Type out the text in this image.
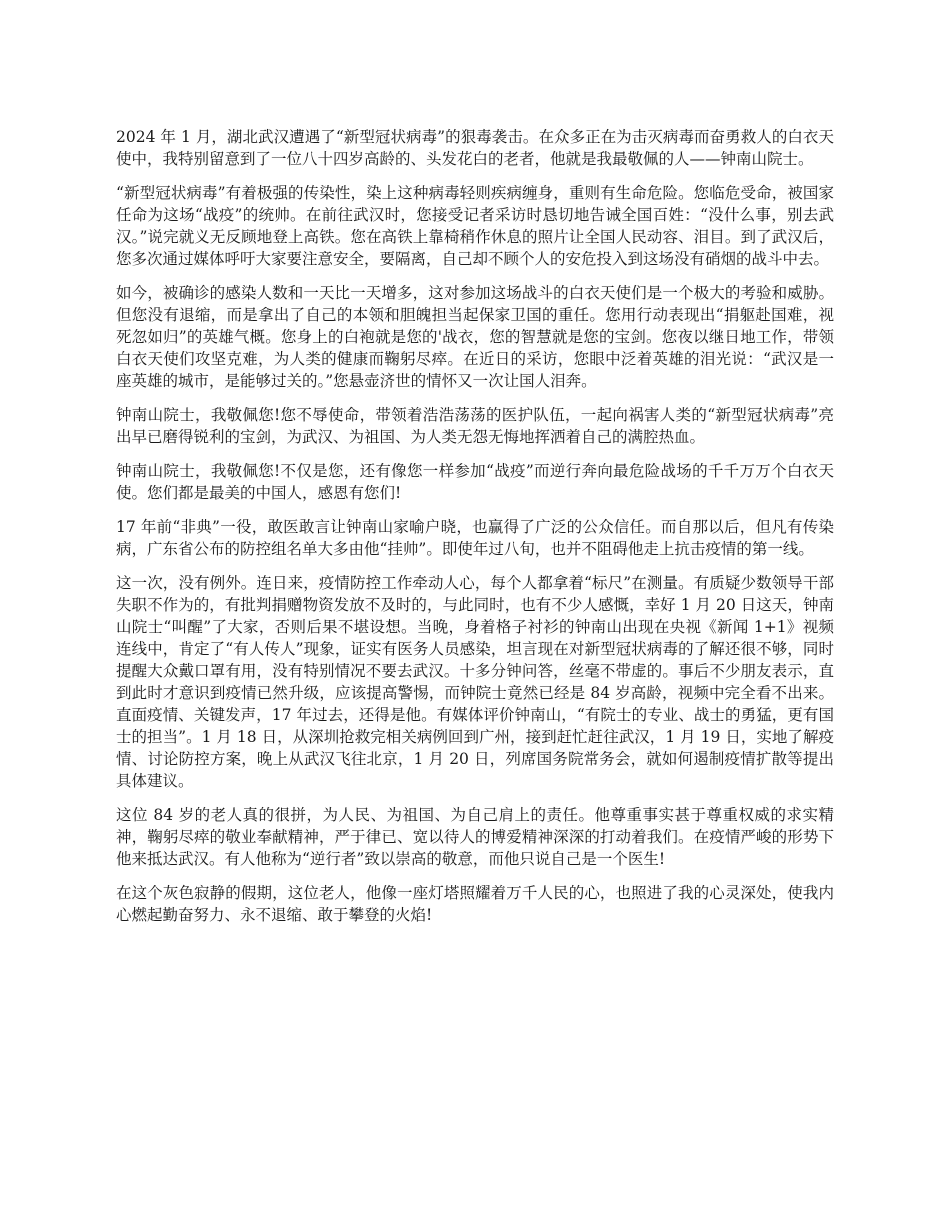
2024 年 1 月，湖北武汉遭遇了“新型冠状病毒”的狠毒袭击。在众多正在为击灭病毒而奋勇救人的白衣天使中，我特别留意到了一位八十四岁高龄的、头发花白的老者，他就是我最敬佩的人——钟南山院士。

“新型冠状病毒”有着极强的传染性，染上这种病毒轻则疾病缠身，重则有生命危险。您临危受命，被国家任命为这场“战疫”的统帅。在前往武汉时，您接受记者采访时恳切地告诫全国百姓：“没什么事，别去武汉。”说完就义无反顾地登上高铁。您在高铁上靠椅稍作休息的照片让全国人民动容、泪目。到了武汉后，您多次通过媒体呼吁大家要注意安全，要隔离，自己却不顾个人的安危投入到这场没有硝烟的战斗中去。

如今，被确诊的感染人数和一天比一天增多，这对参加这场战斗的白衣天使们是一个极大的考验和威胁。但您没有退缩，而是拿出了自己的本领和胆魄担当起保家卫国的重任。您用行动表现出“捐躯赴国难，视死忽如归”的英雄气概。您身上的白袍就是您的'战衣，您的智慧就是您的宝剑。您夜以继日地工作，带领白衣天使们攻坚克难，为人类的健康而鞠躬尽瘁。在近日的采访，您眼中泛着英雄的泪光说：“武汉是一座英雄的城市，是能够过关的。”您悬壶济世的情怀又一次让国人泪奔。

钟南山院士，我敬佩您!您不辱使命，带领着浩浩荡荡的医护队伍，一起向祸害人类的“新型冠状病毒”亮出早已磨得锐利的宝剑，为武汉、为祖国、为人类无怨无悔地挥洒着自己的满腔热血。

钟南山院士，我敬佩您!不仅是您，还有像您一样参加“战疫”而逆行奔向最危险战场的千千万万个白衣天使。您们都是最美的中国人，感恩有您们!

17 年前“非典”一役，敢医敢言让钟南山家喻户晓，也赢得了广泛的公众信任。而自那以后，但凡有传染病，广东省公布的防控组名单大多由他“挂帅”。即使年过八旬，也并不阻碍他走上抗击疫情的第一线。

这一次，没有例外。连日来，疫情防控工作牵动人心，每个人都拿着“标尺”在测量。有质疑少数领导干部失职不作为的，有批判捐赠物资发放不及时的，与此同时，也有不少人感慨，幸好 1 月 20 日这天，钟南山院士“叫醒”了大家，否则后果不堪设想。当晚，身着格子衬衫的钟南山出现在央视《新闻 1+1》视频连线中，肯定了“有人传人”现象，证实有医务人员感染，坦言现在对新型冠状病毒的了解还很不够，同时提醒大众戴口罩有用，没有特别情况不要去武汉。十多分钟问答，丝毫不带虚的。事后不少朋友表示，直到此时才意识到疫情已然升级，应该提高警惕，而钟院士竟然已经是 84 岁高龄，视频中完全看不出来。直面疫情、关键发声，17 年过去，还得是他。有媒体评价钟南山，“有院士的专业、战士的勇猛，更有国士的担当”。1 月 18 日，从深圳抢救完相关病例回到广州，接到赶忙赶往武汉，1 月 19 日，实地了解疫情、讨论防控方案，晚上从武汉飞往北京，1 月 20 日，列席国务院常务会，就如何遏制疫情扩散等提出具体建议。

这位 84 岁的老人真的很拼，为人民、为祖国、为自己肩上的责任。他尊重事实甚于尊重权威的求实精神，鞠躬尽瘁的敬业奉献精神，严于律已、宽以待人的博爱精神深深的打动着我们。在疫情严峻的形势下他来抵达武汉。有人他称为“逆行者”致以崇高的敬意，而他只说自己是一个医生!

在这个灰色寂静的假期，这位老人，他像一座灯塔照耀着万千人民的心，也照进了我的心灵深处，使我内心燃起勤奋努力、永不退缩、敢于攀登的火焰!
